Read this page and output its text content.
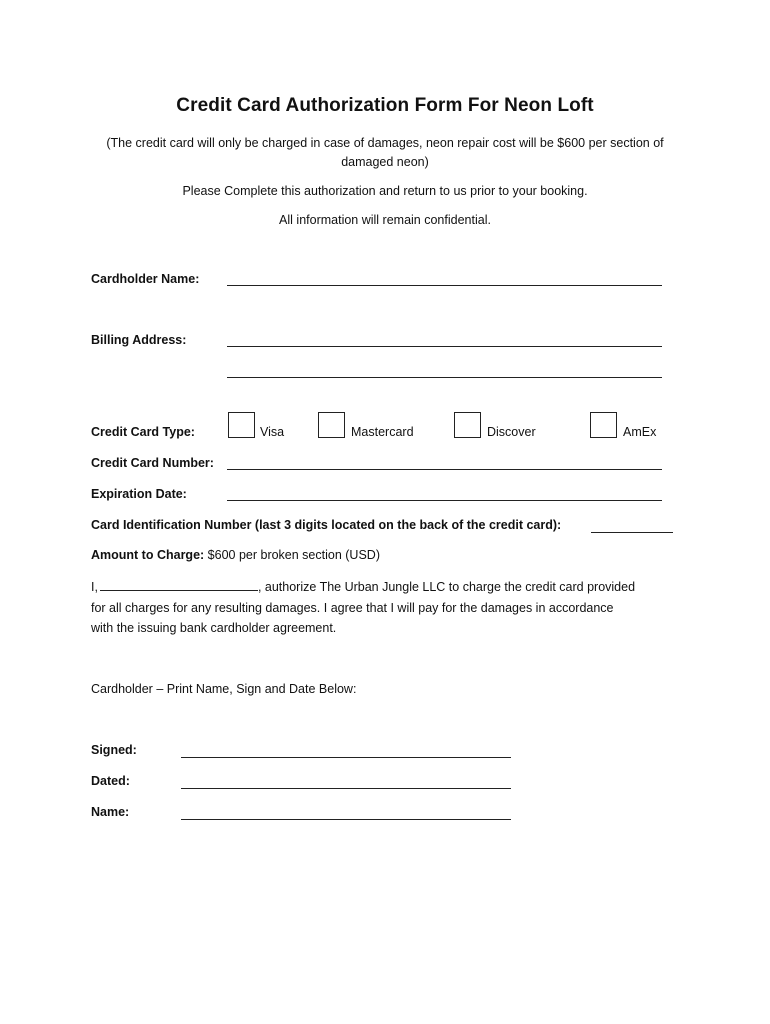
Credit Card Authorization Form For Neon Loft
(The credit card will only be charged in case of damages, neon repair cost will be $600 per section of
damaged neon)
Please Complete this authorization and return to us prior to your booking.
All information will remain confidential.
Cardholder Name:
Billing Address:
Credit Card Type:	Visa	Mastercard	Discover	AmEx
Credit Card Number:
Expiration Date:
Card Identification Number (last 3 digits located on the back of the credit card):
Amount to Charge: $600 per broken section (USD)
I,	, authorize The Urban Jungle LLC to charge the credit card provided
for all charges for any resulting damages. I agree that I will pay for the damages in accordance
with the issuing bank cardholder agreement.
Cardholder – Print Name, Sign and Date Below:
Signed:
Dated:
Name:
